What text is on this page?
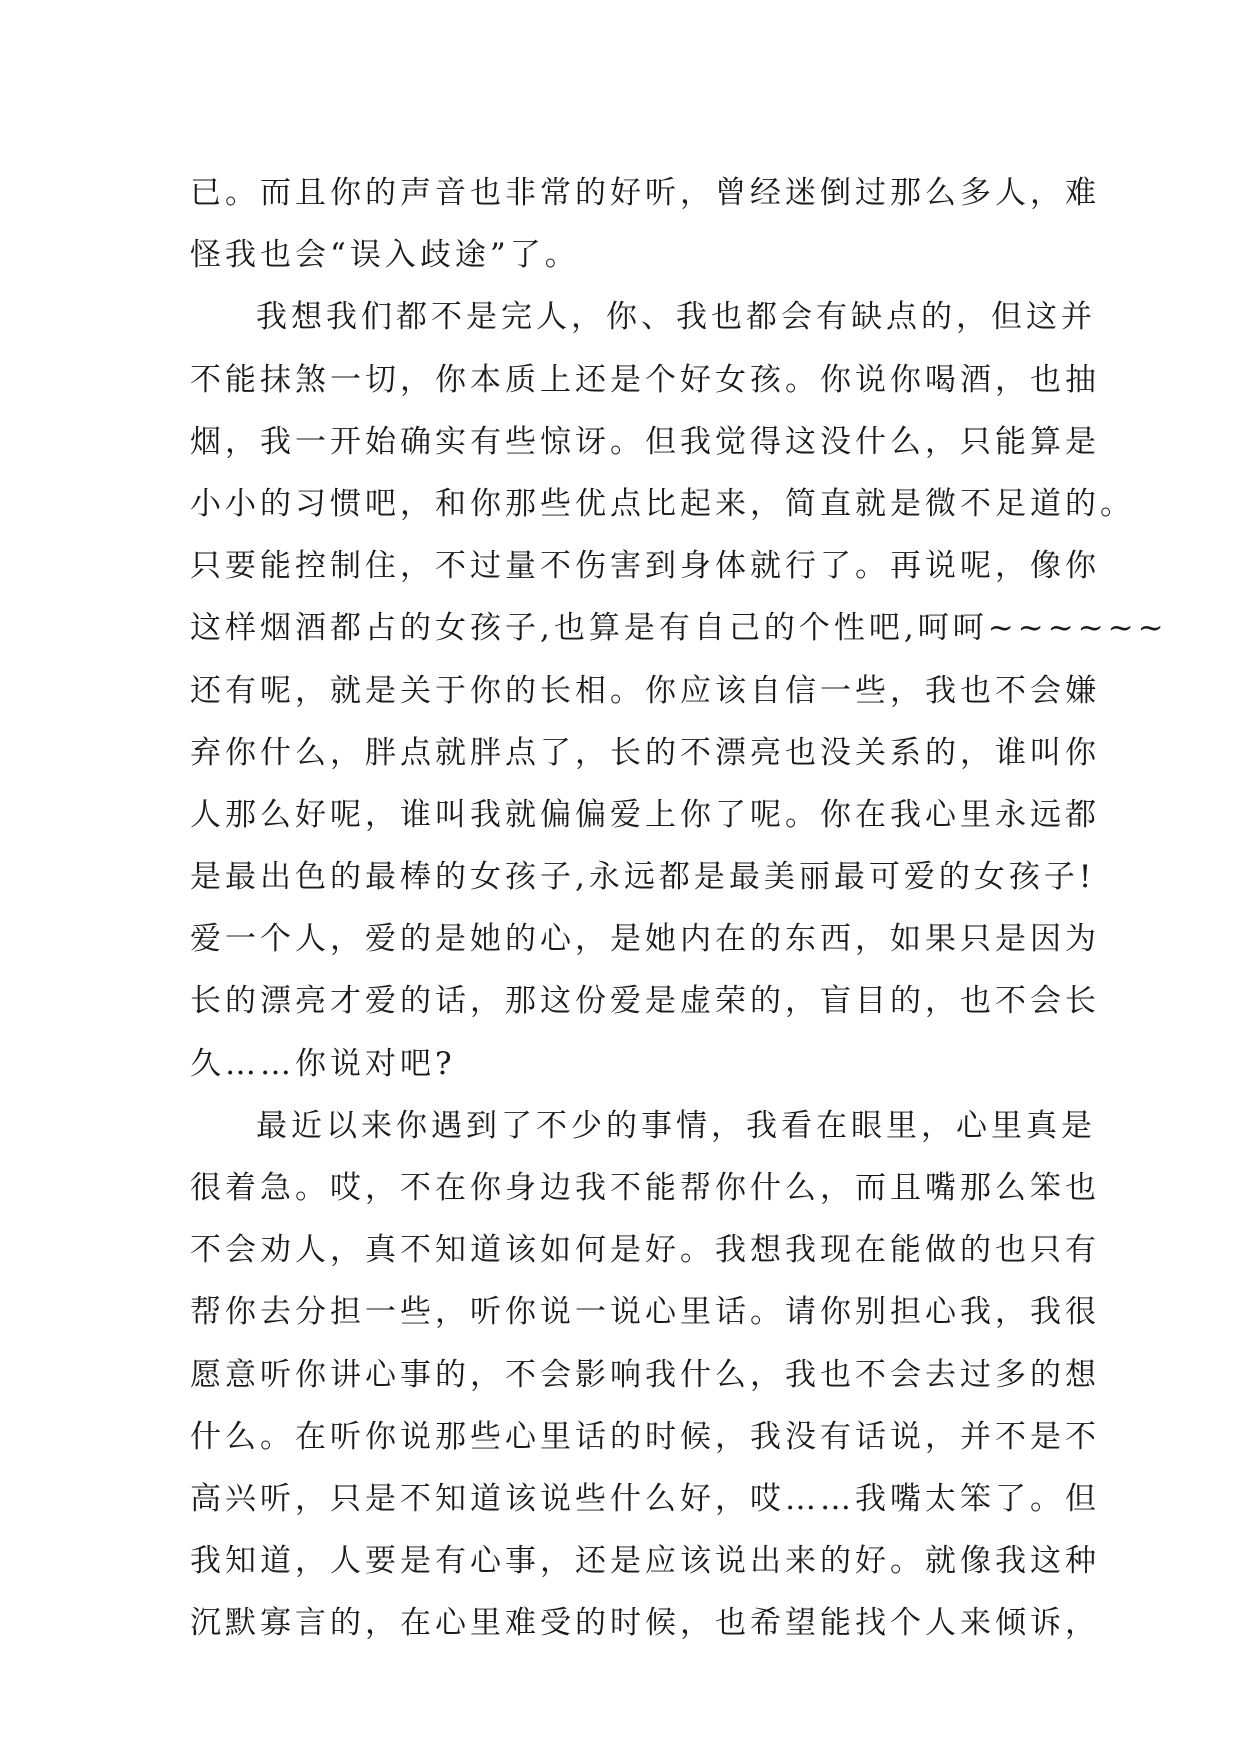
已。而且你的声音也非常的好听，曾经迷倒过那么多人，难
怪我也会“误入歧途”了。
我想我们都不是完人，你、我也都会有缺点的，但这并
不能抹煞一切，你本质上还是个好女孩。你说你喝酒，也抽
烟，我一开始确实有些惊讶。但我觉得这没什么，只能算是
小小的习惯吧，和你那些优点比起来，简直就是微不足道的。
只要能控制住，不过量不伤害到身体就行了。再说呢，像你
这样烟酒都占的女孩子,也算是有自己的个性吧,呵呵~~~~~~
还有呢，就是关于你的长相。你应该自信一些，我也不会嫌
弃你什么，胖点就胖点了，长的不漂亮也没关系的，谁叫你
人那么好呢，谁叫我就偏偏爱上你了呢。你在我心里永远都
是最出色的最棒的女孩子,永远都是最美丽最可爱的女孩子!
爱一个人，爱的是她的心，是她内在的东西，如果只是因为
长的漂亮才爱的话，那这份爱是虚荣的，盲目的，也不会长
久……你说对吧?
最近以来你遇到了不少的事情，我看在眼里，心里真是
很着急。哎，不在你身边我不能帮你什么，而且嘴那么笨也
不会劝人，真不知道该如何是好。我想我现在能做的也只有
帮你去分担一些，听你说一说心里话。请你别担心我，我很
愿意听你讲心事的，不会影响我什么，我也不会去过多的想
什么。在听你说那些心里话的时候，我没有话说，并不是不
高兴听，只是不知道该说些什么好，哎……我嘴太笨了。但
我知道，人要是有心事，还是应该说出来的好。就像我这种
沉默寡言的，在心里难受的时候，也希望能找个人来倾诉，
